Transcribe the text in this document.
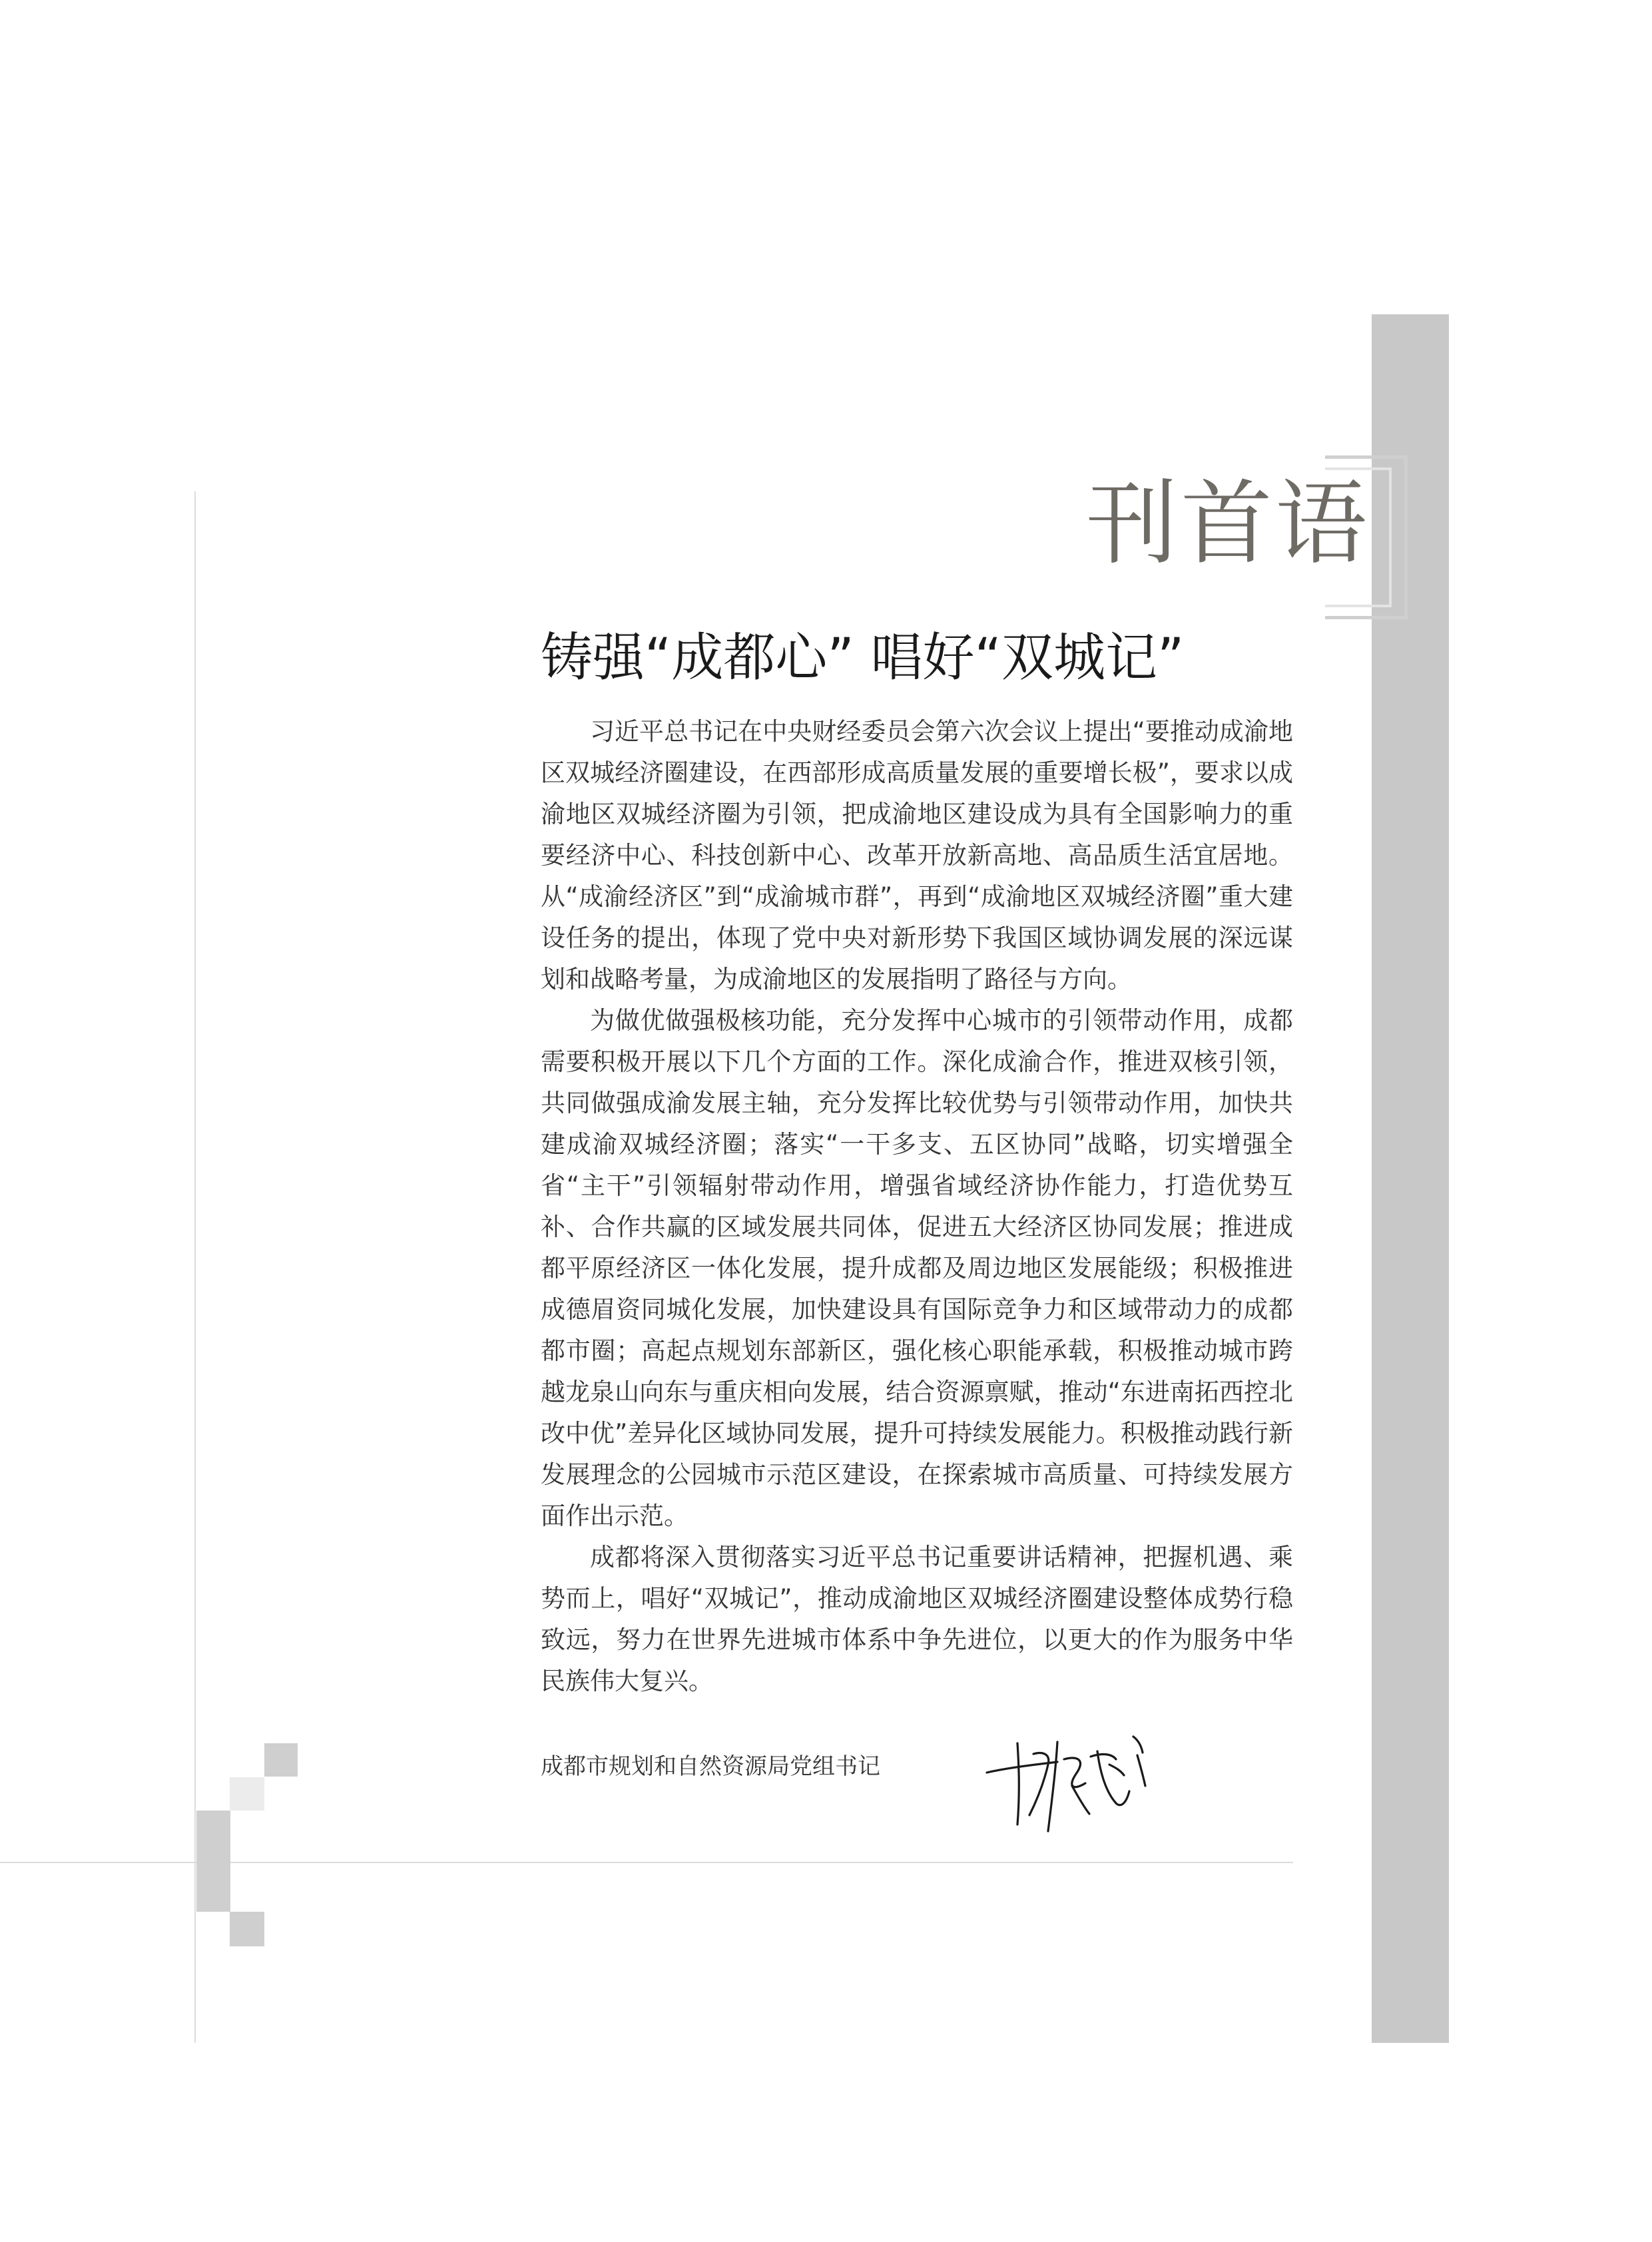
刊首语
铸强“成都心” 唱好“双城记”

习近平总书记在中央财经委员会第六次会议上提出“要推动成渝地区双城经济圈建设，在西部形成高质量发展的重要增长极”，要求以成渝地区双城经济圈为引领，把成渝地区建设成为具有全国影响力的重要经济中心、科技创新中心、改革开放新高地、高品质生活宜居地。从“成渝经济区”到“成渝城市群”，再到“成渝地区双城经济圈”重大建设任务的提出，体现了党中央对新形势下我国区域协调发展的深远谋划和战略考量，为成渝地区的发展指明了路径与方向。

为做优做强极核功能，充分发挥中心城市的引领带动作用，成都需要积极开展以下几个方面的工作。深化成渝合作，推进双核引领，共同做强成渝发展主轴，充分发挥比较优势与引领带动作用，加快共建成渝双城经济圈；落实“一干多支、五区协同”战略，切实增强全省“主干”引领辐射带动作用，增强省域经济协作能力，打造优势互补、合作共赢的区域发展共同体，促进五大经济区协同发展；推进成都平原经济区一体化发展，提升成都及周边地区发展能级；积极推进成德眉资同城化发展，加快建设具有国际竞争力和区域带动力的成都都市圈；高起点规划东部新区，强化核心职能承载，积极推动城市跨越龙泉山向东与重庆相向发展，结合资源禀赋，推动“东进南拓西控北改中优”差异化区域协同发展，提升可持续发展能力。积极推动践行新发展理念的公园城市示范区建设，在探索城市高质量、可持续发展方面作出示范。

成都将深入贯彻落实习近平总书记重要讲话精神，把握机遇、乘势而上，唱好“双城记”，推动成渝地区双城经济圈建设整体成势行稳致远，努力在世界先进城市体系中争先进位，以更大的作为服务中华民族伟大复兴。

成都市规划和自然资源局党组书记
